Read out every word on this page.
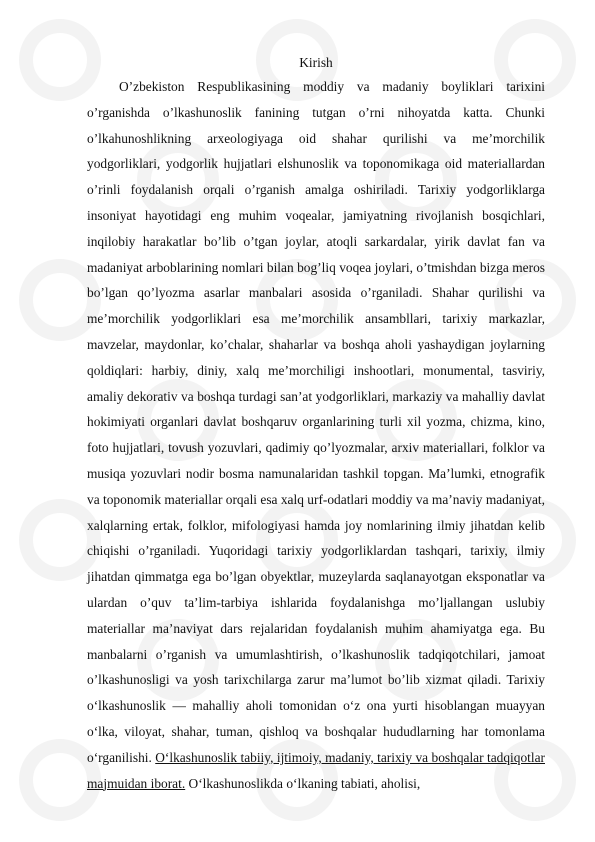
Kirish

O’zbekiston Respublikasining moddiy va madaniy boyliklari tarixini o’rganishda o’lkashunoslik fanining tutgan o’rni nihoyatda katta. Chunki o’lkahunoshlikning arxeologiyaga oid shahar qurilishi va me’morchilik yodgorliklari, yodgorlik hujjatlari elshunoslik va toponomikaga oid materiallardan o’rinli foydalanish orqali o’rganish amalga oshiriladi. Tarixiy yodgorliklarga insoniyat hayotidagi eng muhim voqealar, jamiyatning rivojlanish bosqichlari, inqilobiy harakatlar bo’lib o’tgan joylar, atoqli sarkardalar, yirik davlat fan va madaniyat arboblarining nomlari bilan bog’liq voqea joylari, o’tmishdan bizga meros bo’lgan qo’lyozma asarlar manbalari asosida o’rganiladi. Shahar qurilishi va me’morchilik yodgorliklari esa me’morchilik ansambllari, tarixiy markazlar, mavzelar, maydonlar, ko’chalar, shaharlar va boshqa aholi yashaydigan joylarning qoldiqlari: harbiy, diniy, xalq me’morchiligi inshootlari, monumental, tasviriy, amaliy dekorativ va boshqa turdagi san’at yodgorliklari, markaziy va mahalliy davlat hokimiyati organlari davlat boshqaruv organlarining turli xil yozma, chizma, kino, foto hujjatlari, tovush yozuvlari, qadimiy qo’lyozmalar, arxiv materiallari, folklor va musiqa yozuvlari nodir bosma namunalaridan tashkil topgan. Ma’lumki, etnografik va toponomik materiallar orqali esa xalq urf-odatlari moddiy va ma’naviy madaniyat, xalqlarning ertak, folklor, mifologiyasi hamda joy nomlarining ilmiy jihatdan kelib chiqishi o’rganiladi. Yuqoridagi tarixiy yodgorliklardan tashqari, tarixiy, ilmiy jihatdan qimmatga ega bo’lgan obyektlar, muzeylarda saqlanayotgan eksponatlar va ulardan o’quv ta’lim-tarbiya ishlarida foydalanishga mo’ljallangan uslubiy materiallar ma’naviyat dars rejalaridan foydalanish muhim ahamiyatga ega. Bu manbalarni o’rganish va umumlashtirish, o’lkashunoslik tadqiqotchilari, jamoat o’lkashunosligi va yosh tarixchilarga zarur ma’lumot bo’lib xizmat qiladi. Tarixiy o‘lkashunoslik — mahalliy aholi tomonidan o‘z ona yurti hisoblangan muayyan o‘lka, viloyat, shahar, tuman, qishloq va boshqalar hududlarning har tomonlama o‘rganilishi. O‘lkashunoslik tabiiy, ijtimoiy, madaniy, tarixiy va boshqalar tadqiqotlar majmuidan iborat. O‘lkashunoslikda o‘lkaning tabiati, aholisi,
